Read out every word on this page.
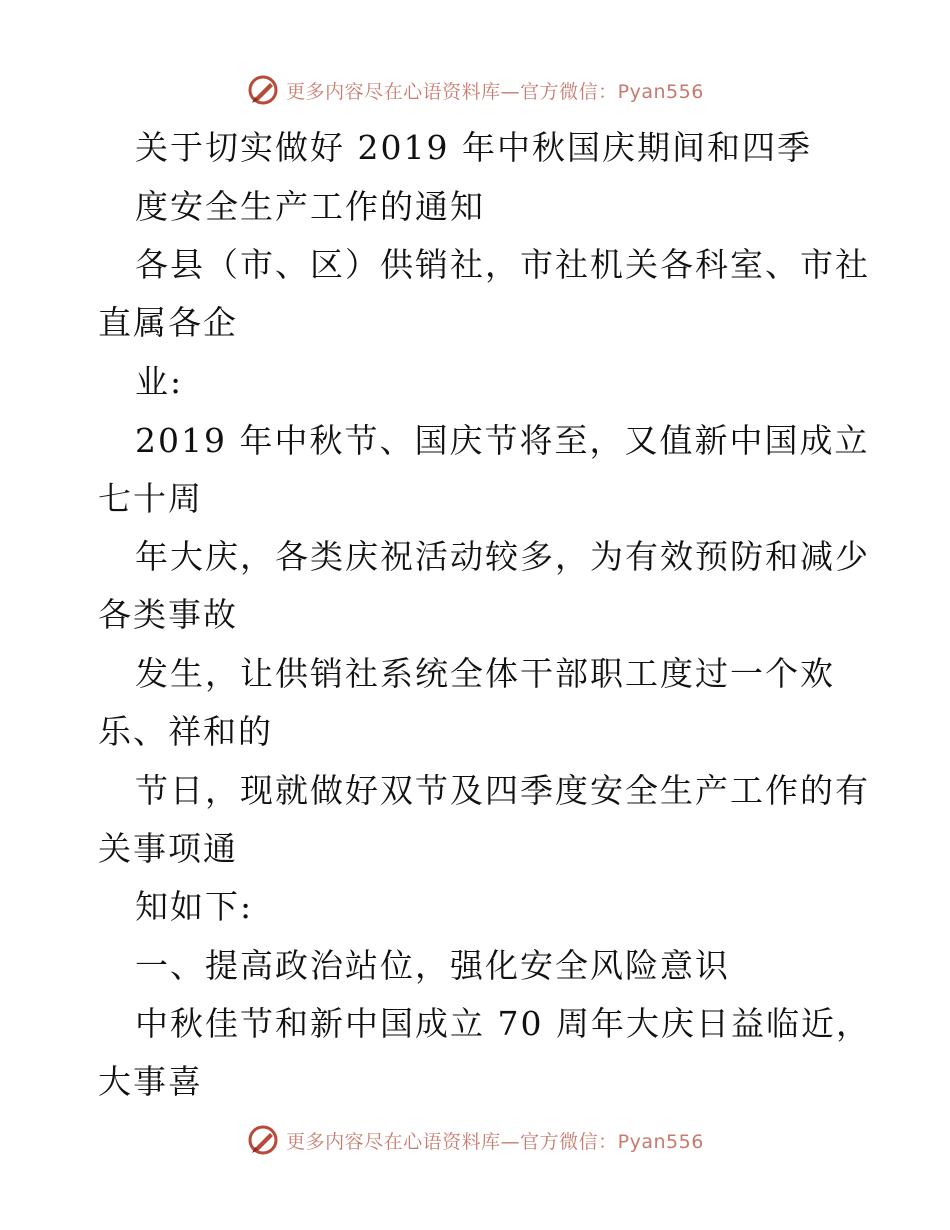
更多内容尽在心语资料库—官方微信：Pyan556
关于切实做好 2019 年中秋国庆期间和四季
度安全生产工作的通知
各县（市、区）供销社，市社机关各科室、市社
直属各企
业:
2019 年中秋节、国庆节将至，又值新中国成立
七十周
年大庆，各类庆祝活动较多，为有效预防和减少
各类事故
发生，让供销社系统全体干部职工度过一个欢
乐、祥和的
节日，现就做好双节及四季度安全生产工作的有
关事项通
知如下:
一、提高政治站位，强化安全风险意识
中秋佳节和新中国成立 70 周年大庆日益临近，
大事喜
更多内容尽在心语资料库—官方微信：Pyan556
